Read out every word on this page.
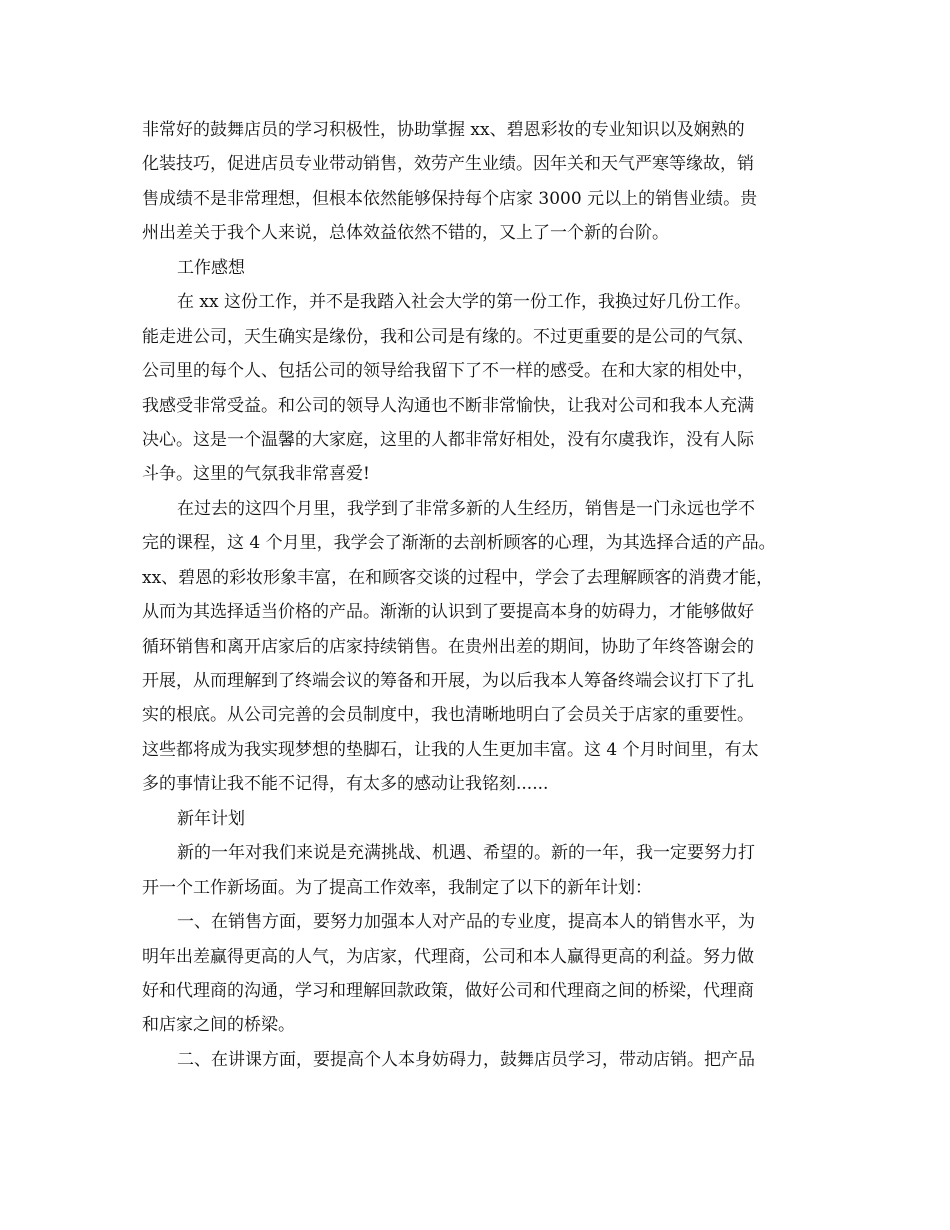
非常好的鼓舞店员的学习积极性，协助掌握 xx、碧恩彩妆的专业知识以及娴熟的
化装技巧，促进店员专业带动销售，效劳产生业绩。因年关和天气严寒等缘故，销
售成绩不是非常理想，但根本依然能够保持每个店家 3000 元以上的销售业绩。贵
州出差关于我个人来说，总体效益依然不错的，又上了一个新的台阶。
工作感想
在 xx 这份工作，并不是我踏入社会大学的第一份工作，我换过好几份工作。
能走进公司，天生确实是缘份，我和公司是有缘的。不过更重要的是公司的气氛、
公司里的每个人、包括公司的领导给我留下了不一样的感受。在和大家的相处中，
我感受非常受益。和公司的领导人沟通也不断非常愉快，让我对公司和我本人充满
决心。这是一个温馨的大家庭，这里的人都非常好相处，没有尔虞我诈，没有人际
斗争。这里的气氛我非常喜爱!
在过去的这四个月里，我学到了非常多新的人生经历，销售是一门永远也学不
完的课程，这 4 个月里，我学会了渐渐的去剖析顾客的心理，为其选择合适的产品。
xx、碧恩的彩妆形象丰富，在和顾客交谈的过程中，学会了去理解顾客的消费才能，
从而为其选择适当价格的产品。渐渐的认识到了要提高本身的妨碍力，才能够做好
循环销售和离开店家后的店家持续销售。在贵州出差的期间，协助了年终答谢会的
开展，从而理解到了终端会议的筹备和开展，为以后我本人筹备终端会议打下了扎
实的根底。从公司完善的会员制度中，我也清晰地明白了会员关于店家的重要性。
这些都将成为我实现梦想的垫脚石，让我的人生更加丰富。这 4 个月时间里，有太
多的事情让我不能不记得，有太多的感动让我铭刻......
新年计划
新的一年对我们来说是充满挑战、机遇、希望的。新的一年，我一定要努力打
开一个工作新场面。为了提高工作效率，我制定了以下的新年计划：
一、在销售方面，要努力加强本人对产品的专业度，提高本人的销售水平，为
明年出差赢得更高的人气，为店家，代理商，公司和本人赢得更高的利益。努力做
好和代理商的沟通，学习和理解回款政策，做好公司和代理商之间的桥梁，代理商
和店家之间的桥梁。
二、在讲课方面，要提高个人本身妨碍力，鼓舞店员学习，带动店销。把产品
